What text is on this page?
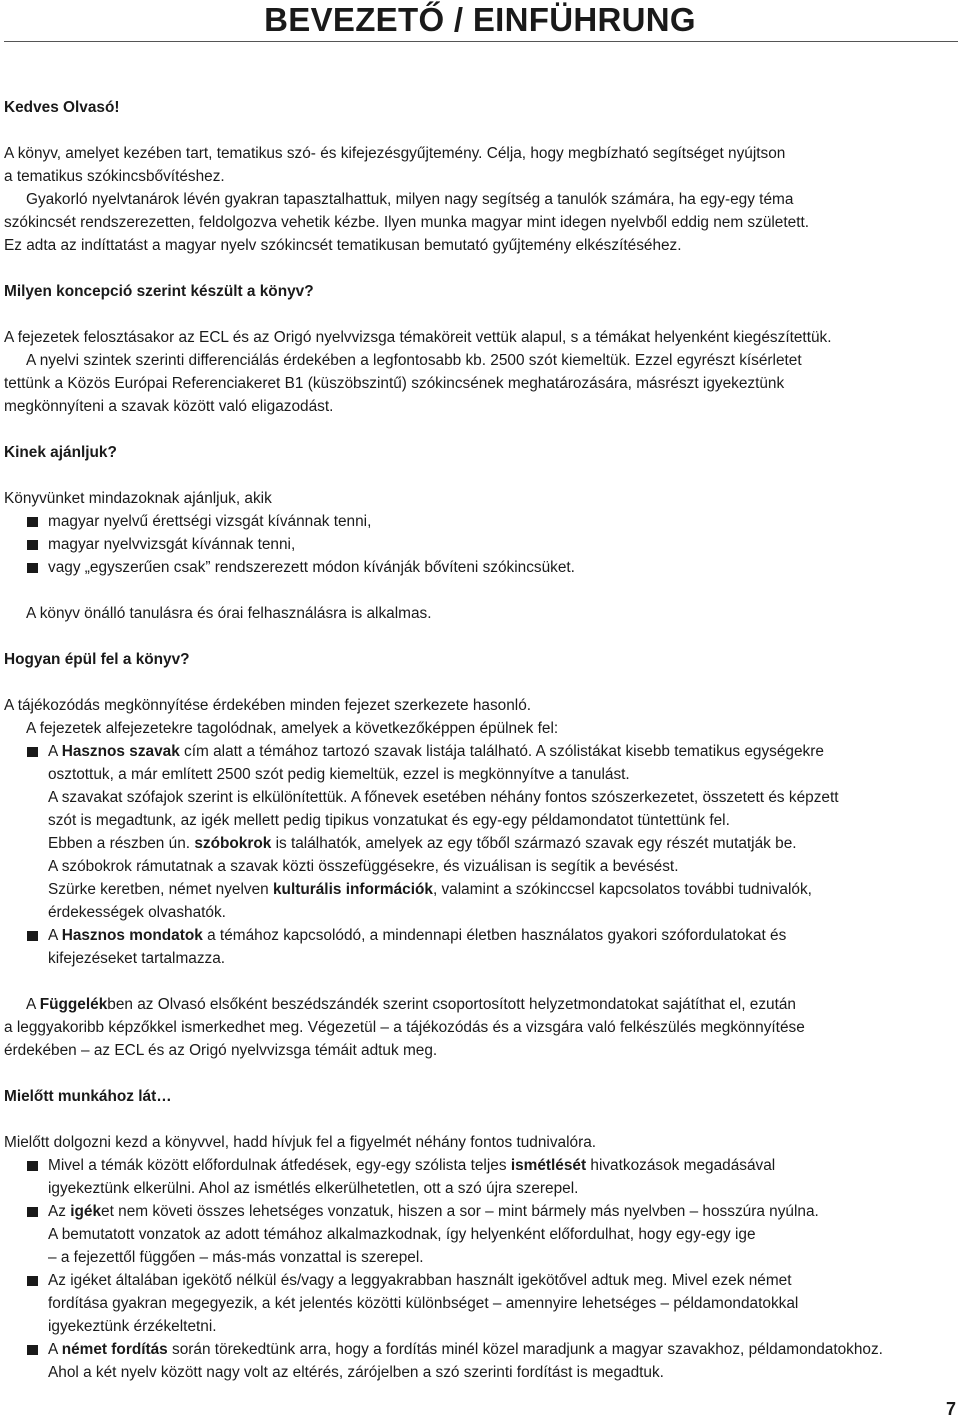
BEVEZETŐ / EINFÜHRUNG

Kedves Olvasó!

A könyv, amelyet kezében tart, tematikus szó- és kifejezésgyűjtemény. Célja, hogy megbízható segítséget nyújtson

a tematikus szókincsbővítéshez.

Gyakorló nyelvtanárok lévén gyakran tapasztalhattuk, milyen nagy segítség a tanulók számára, ha egy-egy téma

szókincsét rendszerezetten, feldolgozva vehetik kézbe. Ilyen munka magyar mint idegen nyelvből eddig nem született.

Ez adta az indíttatást a magyar nyelv szókincsét tematikusan bemutató gyűjtemény elkészítéséhez.

Milyen koncepció szerint készült a könyv?

A fejezetek felosztásakor az ECL és az Origó nyelvvizsga témaköreit vettük alapul, s a témákat helyenként kiegészítettük.

A nyelvi szintek szerinti differenciálás érdekében a legfontosabb kb. 2500 szót kiemeltük. Ezzel egyrészt kísérletet

tettünk a Közös Európai Referenciakeret B1 (küszöbszintű) szókincsének meghatározására, másrészt igyekeztünk

megkönnyíteni a szavak között való eligazodást.

Kinek ajánljuk?

Könyvünket mindazoknak ajánljuk, akik

magyar nyelvű érettségi vizsgát kívánnak tenni,
magyar nyelvvizsgát kívánnak tenni,
vagy „egyszerűen csak” rendszerezett módon kívánják bővíteni szókincsüket.

A könyv önálló tanulásra és órai felhasználásra is alkalmas.

Hogyan épül fel a könyv?

A tájékozódás megkönnyítése érdekében minden fejezet szerkezete hasonló.

A fejezetek alfejezetekre tagolódnak, amelyek a következőképpen épülnek fel:

A Hasznos szavak cím alatt a témához tartozó szavak listája található. A szólistákat kisebb tematikus egységekre
osztottuk, a már említett 2500 szót pedig kiemeltük, ezzel is megkönnyítve a tanulást.
A szavakat szófajok szerint is elkülönítettük. A főnevek esetében néhány fontos szószerkezetet, összetett és képzett
szót is megadtunk, az igék mellett pedig tipikus vonzatukat és egy-egy példamondatot tüntettünk fel.
Ebben a részben ún. szóbokrok is találhatók, amelyek az egy tőből származó szavak egy részét mutatják be.
A szóbokrok rámutatnak a szavak közti összefüggésekre, és vizuálisan is segítik a bevésést.
Szürke keretben, német nyelven kulturális információk, valamint a szókinccsel kapcsolatos további tudnivalók,
érdekességek olvashatók.
A Hasznos mondatok a témához kapcsolódó, a mindennapi életben használatos gyakori szófordulatokat és
kifejezéseket tartalmazza.

A Függelékben az Olvasó elsőként beszédszándék szerint csoportosított helyzetmondatokat sajátíthat el, ezután

a leggyakoribb képzőkkel ismerkedhet meg. Végezetül – a tájékozódás és a vizsgára való felkészülés megkönnyítése

érdekében – az ECL és az Origó nyelvvizsga témáit adtuk meg.

Mielőtt munkához lát…

Mielőtt dolgozni kezd a könyvvel, hadd hívjuk fel a figyelmét néhány fontos tudnivalóra.

Mivel a témák között előfordulnak átfedések, egy-egy szólista teljes ismétlését hivatkozások megadásával
igyekeztünk elkerülni. Ahol az ismétlés elkerülhetetlen, ott a szó újra szerepel.
Az igéket nem követi összes lehetséges vonzatuk, hiszen a sor – mint bármely más nyelvben – hosszúra nyúlna.
A bemutatott vonzatok az adott témához alkalmazkodnak, így helyenként előfordulhat, hogy egy-egy ige
– a fejezettől függően – más-más vonzattal is szerepel.
Az igéket általában igekötő nélkül és/vagy a leggyakrabban használt igekötővel adtuk meg. Mivel ezek német
fordítása gyakran megegyezik, a két jelentés közötti különbséget – amennyire lehetséges – példamondatokkal
igyekeztünk érzékeltetni.
A német fordítás során törekedtünk arra, hogy a fordítás minél közel maradjunk a magyar szavakhoz, példamondatokhoz.
Ahol a két nyelv között nagy volt az eltérés, zárójelben a szó szerinti fordítást is megadtuk.
7
